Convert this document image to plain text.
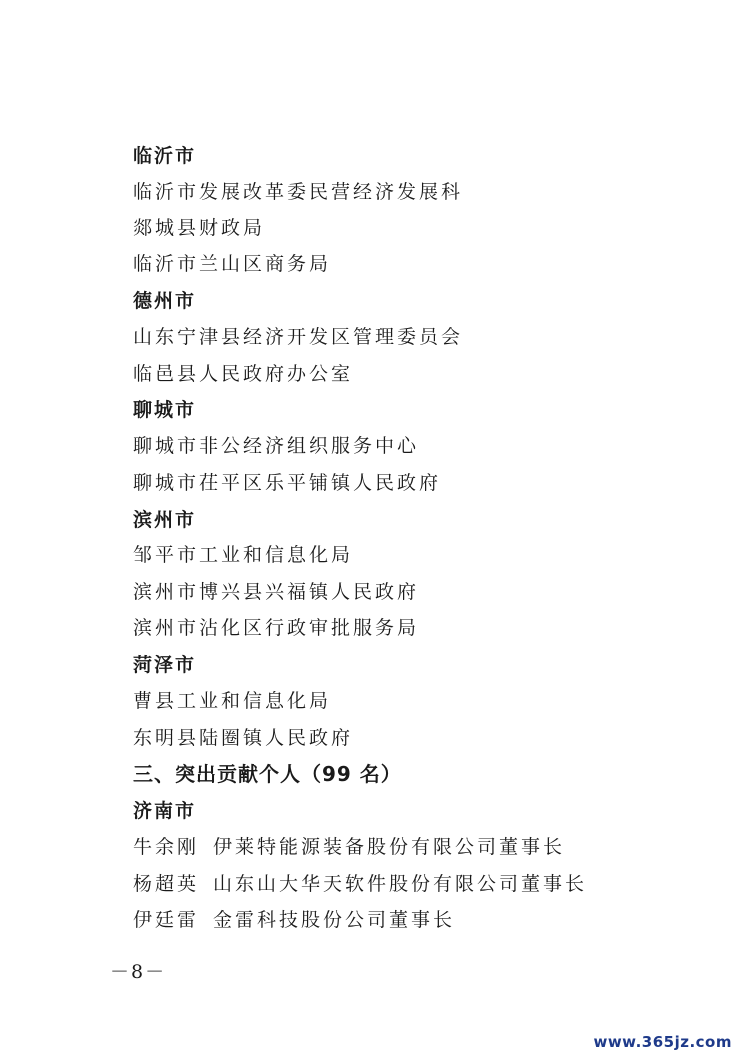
临沂市
临沂市发展改革委民营经济发展科
郯城县财政局
临沂市兰山区商务局
德州市
山东宁津县经济开发区管理委员会
临邑县人民政府办公室
聊城市
聊城市非公经济组织服务中心
聊城市茌平区乐平铺镇人民政府
滨州市
邹平市工业和信息化局
滨州市博兴县兴福镇人民政府
滨州市沾化区行政审批服务局
菏泽市
曹县工业和信息化局
东明县陆圈镇人民政府
三、突出贡献个人（99 名）
济南市
牛余刚 伊莱特能源装备股份有限公司董事长
杨超英 山东山大华天软件股份有限公司董事长
伊廷雷 金雷科技股份公司董事长
－8－
www.365jz.com
